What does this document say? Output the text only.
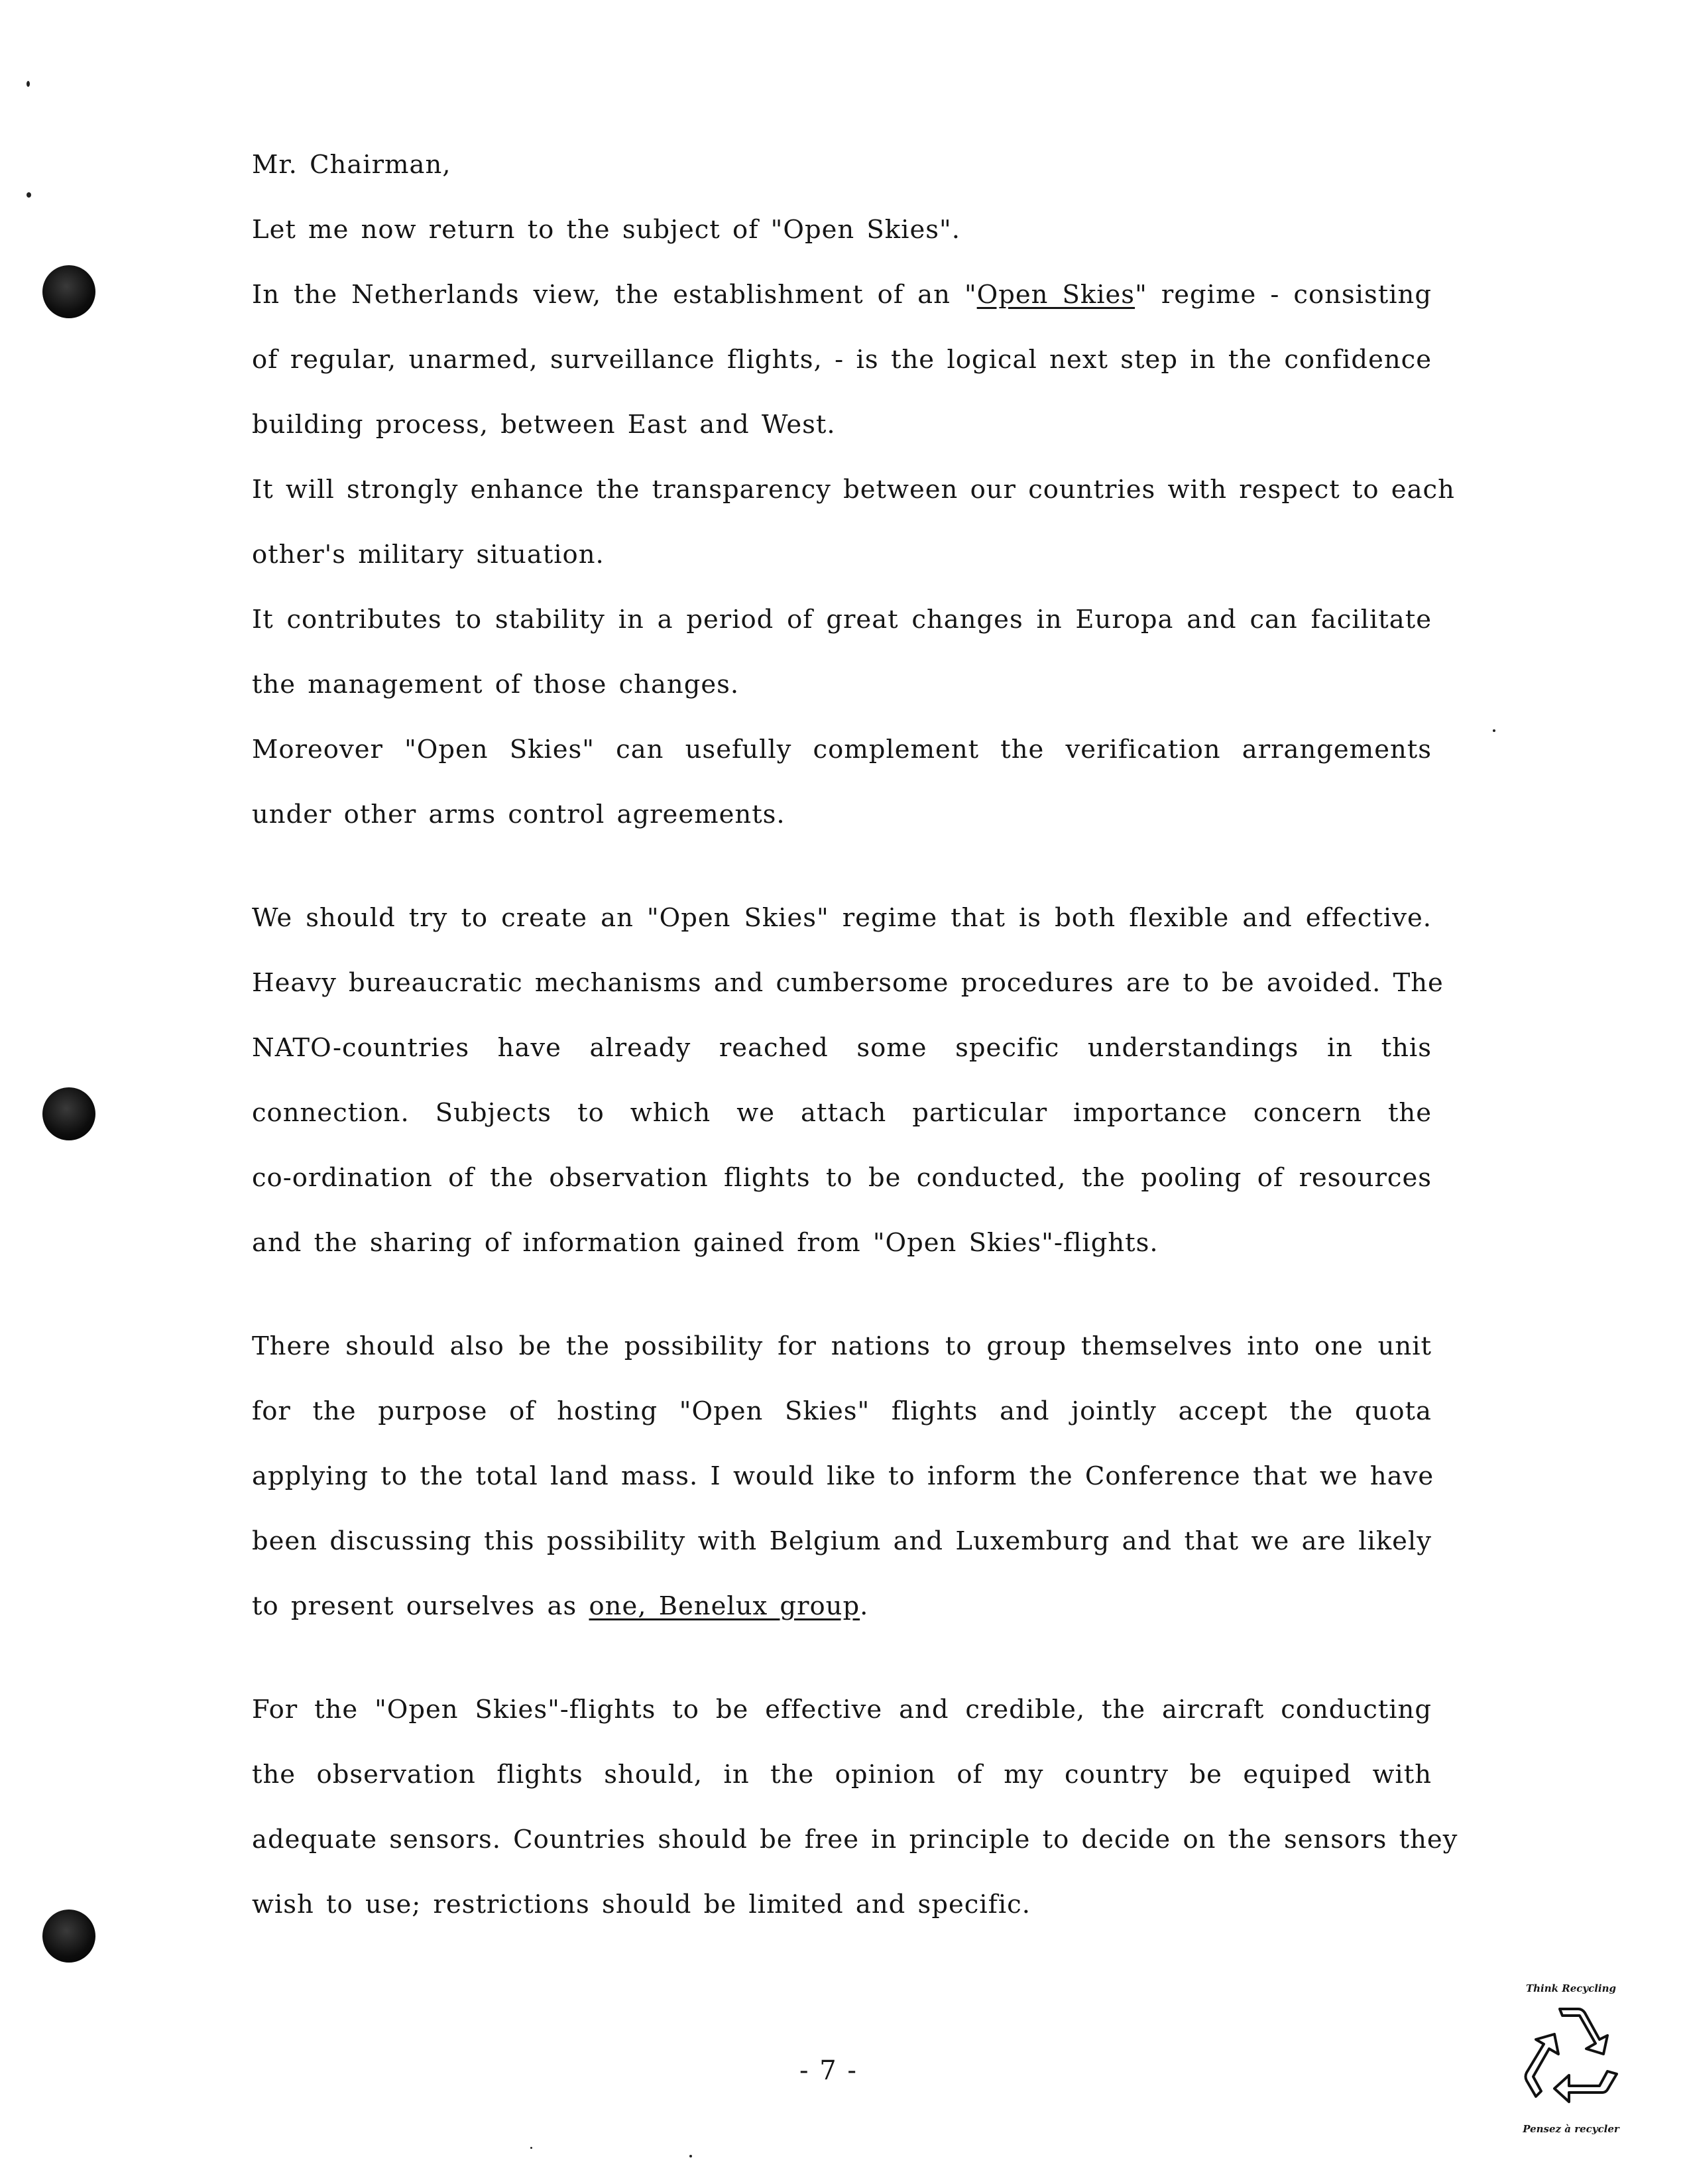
Mr. Chairman,
Let me now return to the subject of "Open Skies".
In the Netherlands view, the establishment of an "Open Skies" regime - consisting
of regular, unarmed, surveillance flights, - is the logical next step in the confidence
building process, between East and West.
It will strongly enhance the transparency between our countries with respect to each
other's military situation.
It contributes to stability in a period of great changes in Europa and can facilitate
the management of those changes.
Moreover "Open Skies" can usefully complement the verification arrangements
under other arms control agreements.
We should try to create an "Open Skies" regime that is both flexible and effective.
Heavy bureaucratic mechanisms and cumbersome procedures are to be avoided. The
NATO-countries have already reached some specific understandings in this
connection. Subjects to which we attach particular importance concern the
co-ordination of the observation flights to be conducted, the pooling of resources
and the sharing of information gained from "Open Skies"-flights.
There should also be the possibility for nations to group themselves into one unit
for the purpose of hosting "Open Skies" flights and jointly accept the quota
applying to the total land mass. I would like to inform the Conference that we have
been discussing this possibility with Belgium and Luxemburg and that we are likely
to present ourselves as one, Benelux group.
For the "Open Skies"-flights to be effective and credible, the aircraft conducting
the observation flights should, in the opinion of my country be equiped with
adequate sensors. Countries should be free in principle to decide on the sensors they
wish to use; restrictions should be limited and specific.
- 7 -
Think Recycling
Pensez à recycler
